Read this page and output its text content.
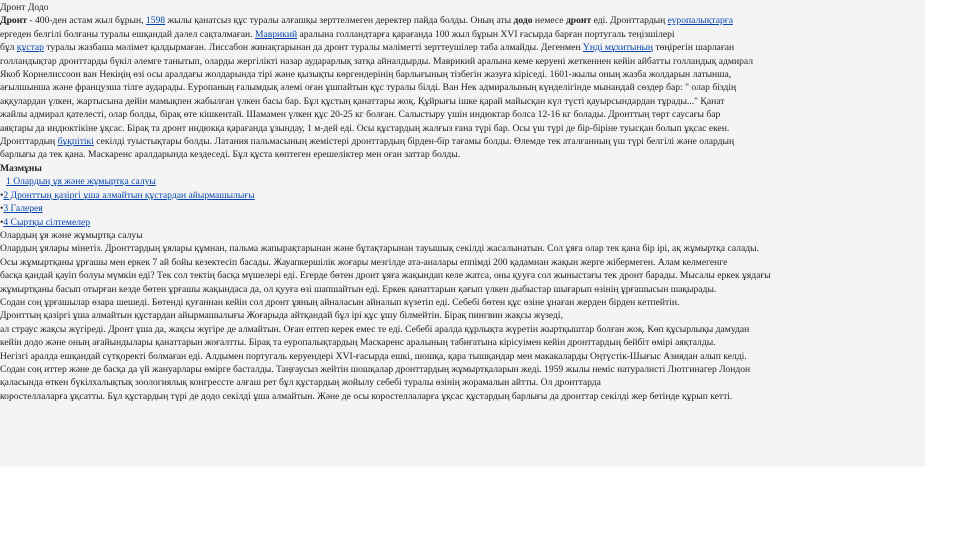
Дронт Додо
Дронт - 400-ден астам жыл бұрын, 1598 жылы қанатсыз құс туралы алғашқы зерттелмеген деректер пайда болды. Оның аты додо немесе дронт еді. Дронттардың еуропалықтарға
ергеден белгілі болғаны туралы ешқандай дәлел сақталмаған. Маврикий аралына голландтарға қарағанда 100 жыл бұрын XVI ғасырда барған португаль теңізшілері
бұл құстар туралы жазбаша мәлімет қалдырмаған. Лиссабон жинақтарынан да дронт туралы мәліметті зерттеушілер таба алмайды. Дегенмен Үнді мұхитының төңірегін шарлаған
голландықтар дронттарды бүкіл әлемге танытып, оларды жергілікті назар аударарлық затқа айналдырды. Маврикий аралына кеме керуені жеткеннен кейін айбатты голландық адмирал
Якоб Корнелиссоон ван Некіңің өзі осы аралдағы жолдарында тірі және қызықты көргендерінің барлығының тізбегін жазуға кіріседі. 1601-жылы оның жазба жолдарын латынша,
ағылшынша және французша тілге аударады. Еуропаның ғалымдық әлемі оған ұшпайтын құс туралы білді. Ван Нек адмиралының күнделігінде мынандай сөздер бар: " олар біздің
аққулардан үлкен, жартысына дейін мамықпен жабылған үлкен басы бар. Бұл құстың қанаттары жоқ. Құйрығы ішке қарай майысқан күл түсті қауырсындардан тұрады..." Қанат
жайлы адмирал қателесті, олар болды, бірақ өте кішкентай. Шамамен үлкен құс 20-25 кг болған. Салыстыру үшін индюктар болса 12-16 кг болады. Дронттың төрт саусағы бар
аяқтары да индюктікіне ұқсас. Бірақ та дронт индюкқа қарағанда ұзындау, 1 м-дей еді. Осы құстардың жалғыз ғана түрі бар. Осы үш түрі де бір-біріне туысқан болып ұқсас екен.
Дронттардың бұқпітікі секілді туыстықтары болды. Латания пальмасының жемістері дронттардың бірден-бір тағамы болды. Өлемде тек аталғанның үш түрі белгілі және олардың
барлығы да тек қана. Маскаренс аралдарында кездеседі. Бұл құста көптеген ерешеліктер мен оған заттар болды.
Мазмұны
1 Олардың ұя және жұмыртқа салуы
• 2 Дронттың қазіргі ұша алмайтын құстардан айырмашылығы
• 3 Галерея
• 4 Сыртқы сілтемелер
Олардың ұя және жұмыртқа салуы
Олардың ұялары мінетіз. Дронттардың ұялары құмнан, пальма жапырақтарынан және бұтақтарынан тауышық секілді жасалынатын. Сол ұяға олар тек қана бір ірі, ақ жұмыртқа салады.
Осы жұмыртқаны ұрғашы мен еркек 7 ай бойы кезектесіп басады. Жауапкершілік жоғары мезгілде ата-аналары еппімді 200 қадамнан жақын жерге жібермеген. Алам келмегенге
басқа қандай қауіп болуы мүмкін еді? Тек сол тектің басқа мүшелері еді. Егерде бөтен дронт ұяға жақындап келе жатса, оны қууға сол жыныстағы тек дронт барады. Мысалы еркек ұядағы
жұмыртқаны басып отырған кезде бөтен ұрғашы жақындаса да, ол қууға өзі шапшайтын еді. Еркек қанаттарын қағып үлкен дыбыстар шығарып өзінің ұрғашысын шақырады.
Содан соң ұрғашылар өзара шешеді. Бөтенді қуғаннан кейін сол дронт ұяның айналасын айналып күзетіп еді. Себебі бөтен құс өзіне ұнаған жерден бірден кетпейтін.
Дронттың қазіргі ұша алмайтын құстардан айырмашылығы Жоғарыда айтқандай бұл ірі құс ұшу білмейтін. Бірақ пингвин жақсы жүзеді,
ал страус жақсы жүгіреді. Дронт ұша да, жақсы жүгіре де алмайтын. Оған ептеп керек емес те еді. Себебі аралда құрлықта жүретін жыртқыштар болған жоқ. Көп құсырлықы дамудан
кейін додо және оның ағайындылары қанаттарын жоғалтты. Бірақ та еуропалықтардың Маскаренс аралының табиғатына кірісуімен кейін дронттардың бейбіт өмірі аяқталды.
Негізгі аралда ешқандай сүтқоректі болмаған еді. Алдымен португаль керуендері XVI-ғасырда ешкі, шошқа, қара тышқандар мен макакаларды Оңтүстік-Шығыс Азиядан алып келді.
Содан соң иттер және де басқа да үй жануарлары өмірге басталды. Таңғаусыз жейтін шошқалар дронттардың жұмыртқаларын жеді. 1959 жылы неміс натуралисті Лютгинагер Лондон
қаласында өткен бүкілхалықтық зоологиялық конгрессте алғаш рет бұл құстардың жойылу себебі туралы өзінің жорамалын айтты. Ол дронттарда
коростеллаларға ұқсатты. Бұл құстардың түрі де додо секілді ұша алмайтын. Және де осы коростеллаларға ұқсас құстардың барлығы да дронттар секілді жер бетінде құрып кетті.
